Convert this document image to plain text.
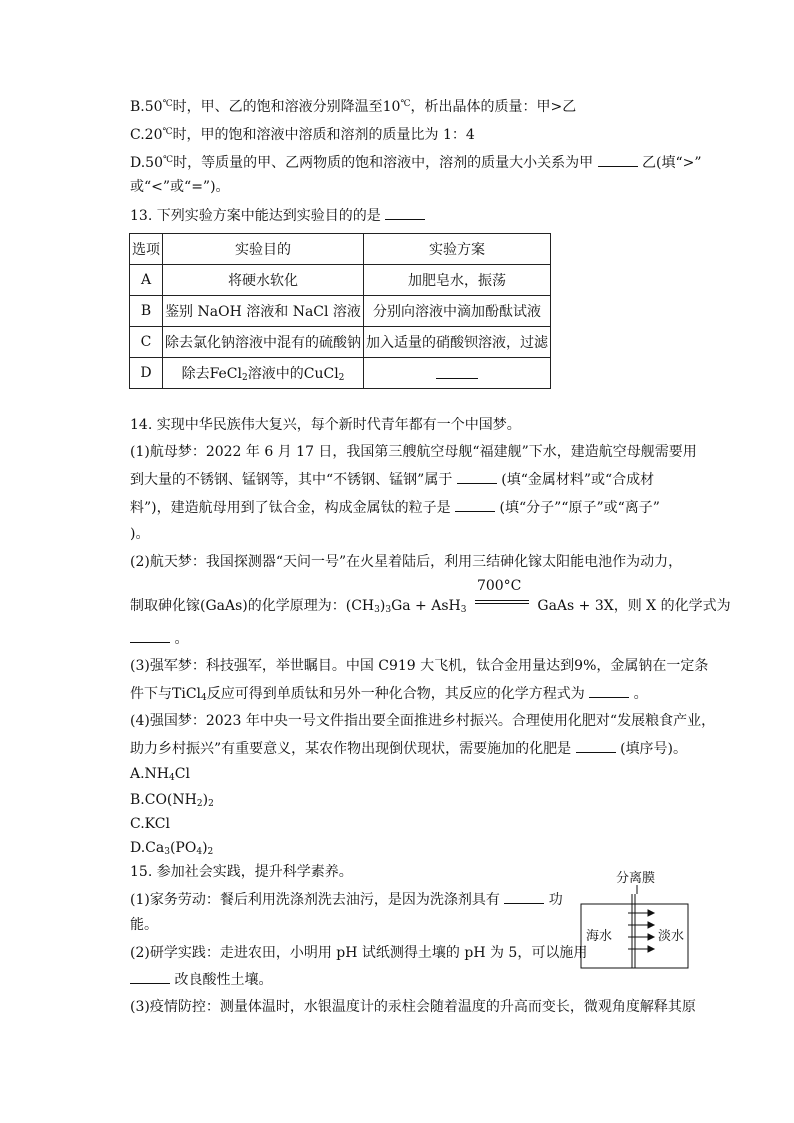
B.50℃时，甲、乙的饱和溶液分别降温至10℃，析出晶体的质量：甲>乙
C.20℃时，甲的饱和溶液中溶质和溶剂的质量比为 1：4
D.50℃时，等质量的甲、乙两物质的饱和溶液中，溶剂的质量大小关系为甲	乙(填“>”
或“<”或“=”)。
13. 下列实验方案中能达到实验目的的是
选项	实验目的	实验方案
A	将硬水软化	加肥皂水，振荡
B	鉴别 NaOH 溶液和 NaCl 溶液	分别向溶液中滴加酚酞试液
C	除去氯化钠溶液中混有的硫酸钠	加入适量的硝酸钡溶液，过滤
D	除去FeCl$_2$溶液中的CuCl$_2$	
14. 实现中华民族伟大复兴，每个新时代青年都有一个中国梦。
(1)航母梦：2022 年 6 月 17 日，我国第三艘航空母舰“福建舰”下水，建造航空母舰需要用
到大量的不锈钢、锰钢等，其中“不锈钢、锰钢”属于	(填“金属材料”或“合成材
料”)，建造航母用到了钛合金，构成金属钛的粒子是	(填“分子”“原子”或“离子”
)。
(2)航天梦：我国探测器“天问一号”在火星着陆后，利用三结砷化镓太阳能电池作为动力，
制取砷化镓(GaAs)的化学原理为：$(CH_3)_3Ga + AsH_3$
700°C
GaAs + 3X，则 X 的化学式为
。
(3)强军梦：科技强军，举世瞩目。中国 C919 大飞机，钛合金用量达到9%，金属钠在一定条
件下与TiCl$_4$反应可得到单质钛和另外一种化合物，其反应的化学方程式为	。
(4)强国梦：2023 年中央一号文件指出要全面推进乡村振兴。合理使用化肥对“发展粮食产业，
助力乡村振兴”有重要意义，某农作物出现倒伏现状，需要施加的化肥是	(填序号)。
$A.NH_4Cl$
$B.CO(NH_2)_2$
C.KCl
$D.Ca_3(PO_4)_2$
15. 参加社会实践，提升科学素养。
(1)家务劳动：餐后利用洗涤剂洗去油污，是因为洗涤剂具有	功
能。
(2)研学实践：走进农田，小明用 pH 试纸测得土壤的 pH 为 5，可以施用
改良酸性土壤。
(3)疫情防控：测量体温时，水银温度计的汞柱会随着温度的升高而变长，微观角度解释其原
分离膜
海水	淡水
